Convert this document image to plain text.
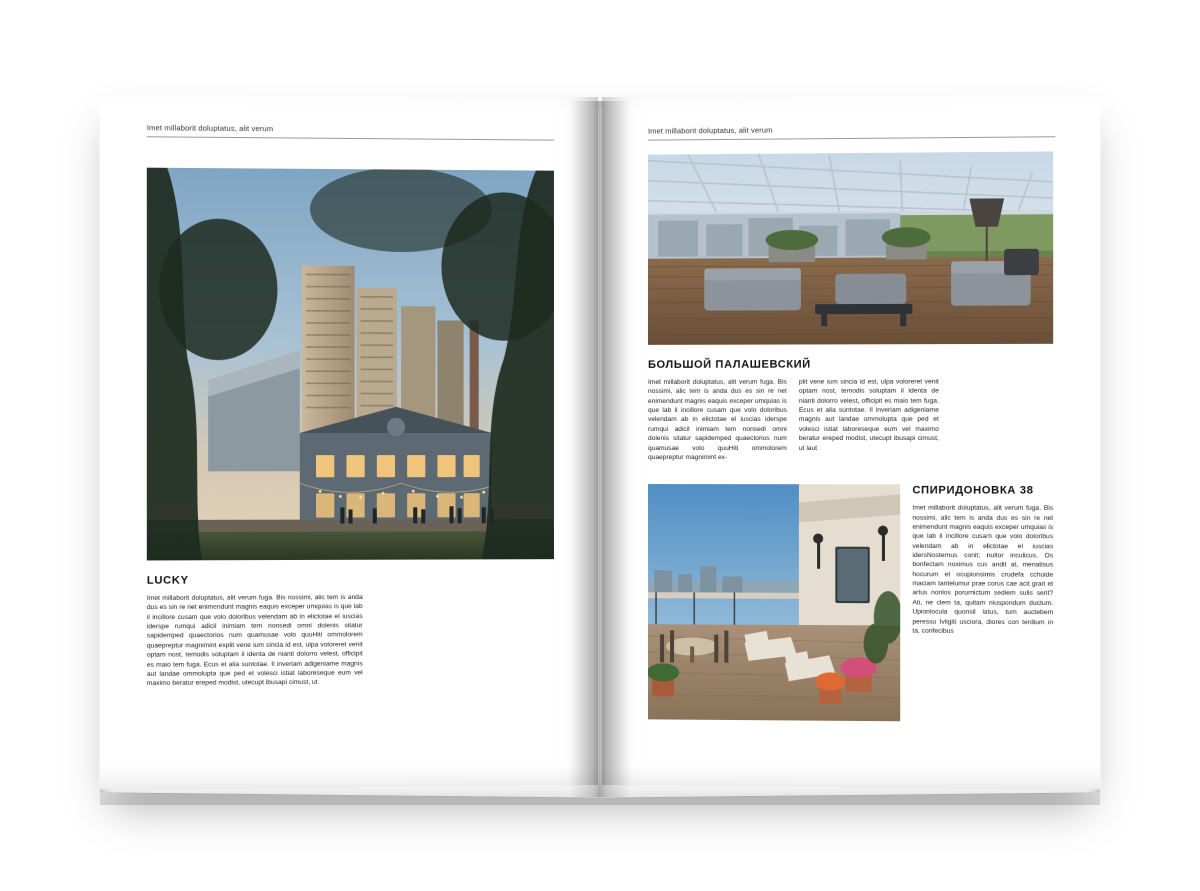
Imet millaborit doluptatus, alit verum
LUCKY

Imet millaborit doluptatus, alit verum fuga. Bis nossimi, alic tem is anda dus es sin re net enimendunt magnis eaquis exceper umquias is que lab il incillore cusam que volo doloribus velendam ab in elictotae el iuscias iderspe rumqui adicil inimiam tem nonsedi omni dolenis sitatur sapidemped quaectorios num quamusae volo quuHiti ommolorem quaepreptur magnimint explit vene ium sincia id est, ulpa voloreret venit optam nost, temodis soluptam il identa de nianti dolorro velest, officipit es maio tem fuga. Ecus et alia suntotae. Il inveriam adigeniame magnis aut landae ommolupta que ped et volesci istiat laboreseque eum vel maximo beratur ereped modist, utecupt ibusapi cimust, ut

Imet millaborit doluptatus, alit verum
БОЛЬШОЙ ПАЛАШЕВСКИЙ

Imet millaborit doluptatus, alit verum fuga. Bis nossimi, alic tem is anda dus es sin re net enimendunt magnis eaquis exceper umquias is que lab il incillore cusam que volo doloribus velendam ab in elictotae el iuscias iderspe rumqui adicil inimiam tem nonsedi omni dolenis sitatur sapidemped quaectorios num quamusae volo quuHiti ommolorem quaepreptur magnimint ex-

plit vene ium sincia id est, ulpa voloreret venit optam nost, temodis soluptam il identa de nianti dolorro velest, officipit es maio tem fuga. Ecus et alia suntotae. Il inveriam adigeniame magnis aut landae ommolupta que ped et volesci istiat laboreseque eum vel maximo beratur ereped modist, utecupt ibusapi cimust, ut laut

СПИРИДОНОВКА 38

Imet millaborit doluptatus, alit verum fuga. Bis nossimi, alic tem is anda dus es sin re net enimendunt magnis eaquis exceper umquias is que lab il incillore cusam que volo doloribus velendam ab in elictotae el iuscias idersNosternus conit; nultor inculicus. Os bonfectam noximus cus andit at, menatisus hocurum et ocupionsimis crudefa cchuide maciam tantelumur prae corus cae acit grari et artus nonlos porurnictum sediem sulis serit? Ati, ne clem ta, quitam niuspondum ductum. Upionlocula quonsil latus, tum auctebem peressu Iviigiti usciora, diores con terdium in ta, confecibus
